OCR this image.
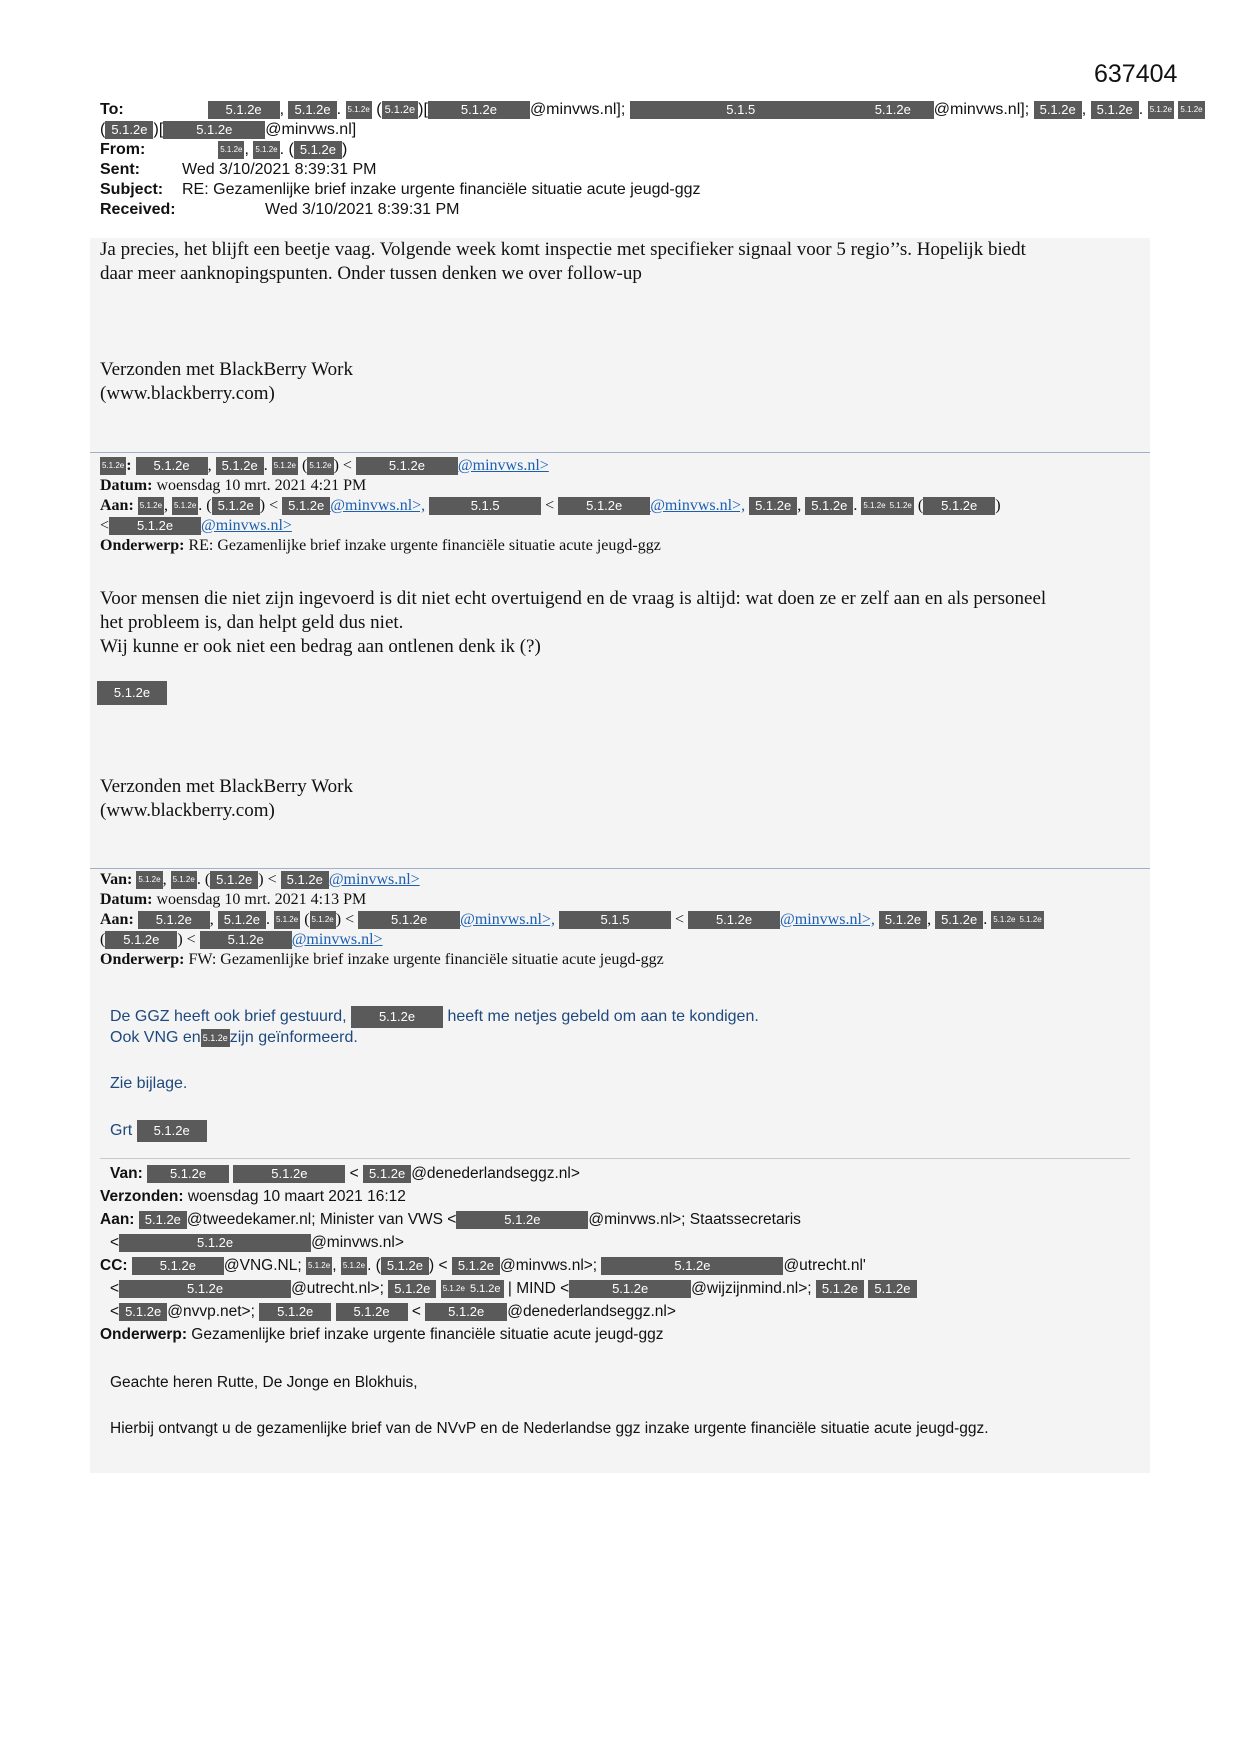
637404
To:	5.1.2e , 5.1.2e . 5.1.2e ( 5.1.2e )[	5.1.2e @minvws.nl];	5.1.5	5.1.2e @minvws.nl]; 5.1.2e , 5.1.2e . 5.1.2e 5.1.2e
( 5.1.2e )[	5.1.2e @minvws.nl]
From:	5.1.2e , 5.1.2e . ( 5.1.2e )
Sent:	Wed 3/10/2021 8:39:31 PM
Subject: RE: Gezamenlijke brief inzake urgente financiële situatie acute jeugd-ggz
Received:	Wed 3/10/2021 8:39:31 PM
Ja precies, het blijft een beetje vaag. Volgende week komt inspectie met specifieker signaal voor 5 regio’’s. Hopelijk biedt
daar meer aanknopingspunten. Onder tussen denken we over follow-up
Verzonden met BlackBerry Work
(www.blackberry.com)
5.1.2e : 5.1.2e , 5.1.2e . 5.1.2e ( 5.1.2e ) <	5.1.2e @minvws.nl>
Datum: woensdag 10 mrt. 2021 4:21 PM
Aan: 5.1.2e , 5.1.2e . ( 5.1.2e ) < 5.1.2e @minvws.nl>,	5.1.5	< 5.1.2e @minvws.nl>, 5.1.2e , 5.1.2e . 5.1.2e 5.1.2e ( 5.1.2e )
< 5.1.2e @minvws.nl>
Onderwerp: RE: Gezamenlijke brief inzake urgente financiële situatie acute jeugd-ggz
Voor mensen die niet zijn ingevoerd is dit niet echt overtuigend en de vraag is altijd: wat doen ze er zelf aan en als personeel
het probleem is, dan helpt geld dus niet.
Wij kunne er ook niet een bedrag aan ontlenen denk ik (?)
5.1.2e
Verzonden met BlackBerry Work
(www.blackberry.com)
Van: 5.1.2e , 5.1.2e . ( 5.1.2e ) < 5.1.2e @minvws.nl>
Datum: woensdag 10 mrt. 2021 4:13 PM
Aan: 5.1.2e , 5.1.2e . 5.1.2e ( 5.1.2e ) <	5.1.2e @minvws.nl>,	5.1.5	< 5.1.2e @minvws.nl>, 5.1.2e , 5.1.2e . 5.1.2e 5.1.2e
( 5.1.2e ) < 5.1.2e @minvws.nl>
Onderwerp: FW: Gezamenlijke brief inzake urgente financiële situatie acute jeugd-ggz
De GGZ heeft ook brief gestuurd, 5.1.2e heeft me netjes gebeld om aan te kondigen.
Ook VNG en 5.1.2e zijn geïnformeerd.
Zie bijlage.
Grt 5.1.2e
Van: 5.1.2e	5.1.2e < 5.1.2e @denederlandseggz.nl>
Verzonden: woensdag 10 maart 2021 16:12
Aan: 5.1.2e @tweedekamer.nl; Minister van VWS <	5.1.2e	@minvws.nl>; Staatssecretaris
<	5.1.2e	@minvws.nl>
CC: 5.1.2e @VNG.NL; 5.1.2e , 5.1.2e . ( 5.1.2e ) < 5.1.2e @minvws.nl>;	5.1.2e	@utrecht.nl'
<	5.1.2e	@utrecht.nl>; 5.1.2e 5.1.2e 5.1.2e | MIND <	5.1.2e	@wijzijnmind.nl>; 5.1.2e 5.1.2e
< 5.1.2e @nvvp.net>; 5.1.2e	5.1.2e < 5.1.2e @denederlandseggz.nl>
Onderwerp: Gezamenlijke brief inzake urgente financiële situatie acute jeugd-ggz
Geachte heren Rutte, De Jonge en Blokhuis,
Hierbij ontvangt u de gezamenlijke brief van de NVvP en de Nederlandse ggz inzake urgente financiële situatie acute jeugd-ggz.
